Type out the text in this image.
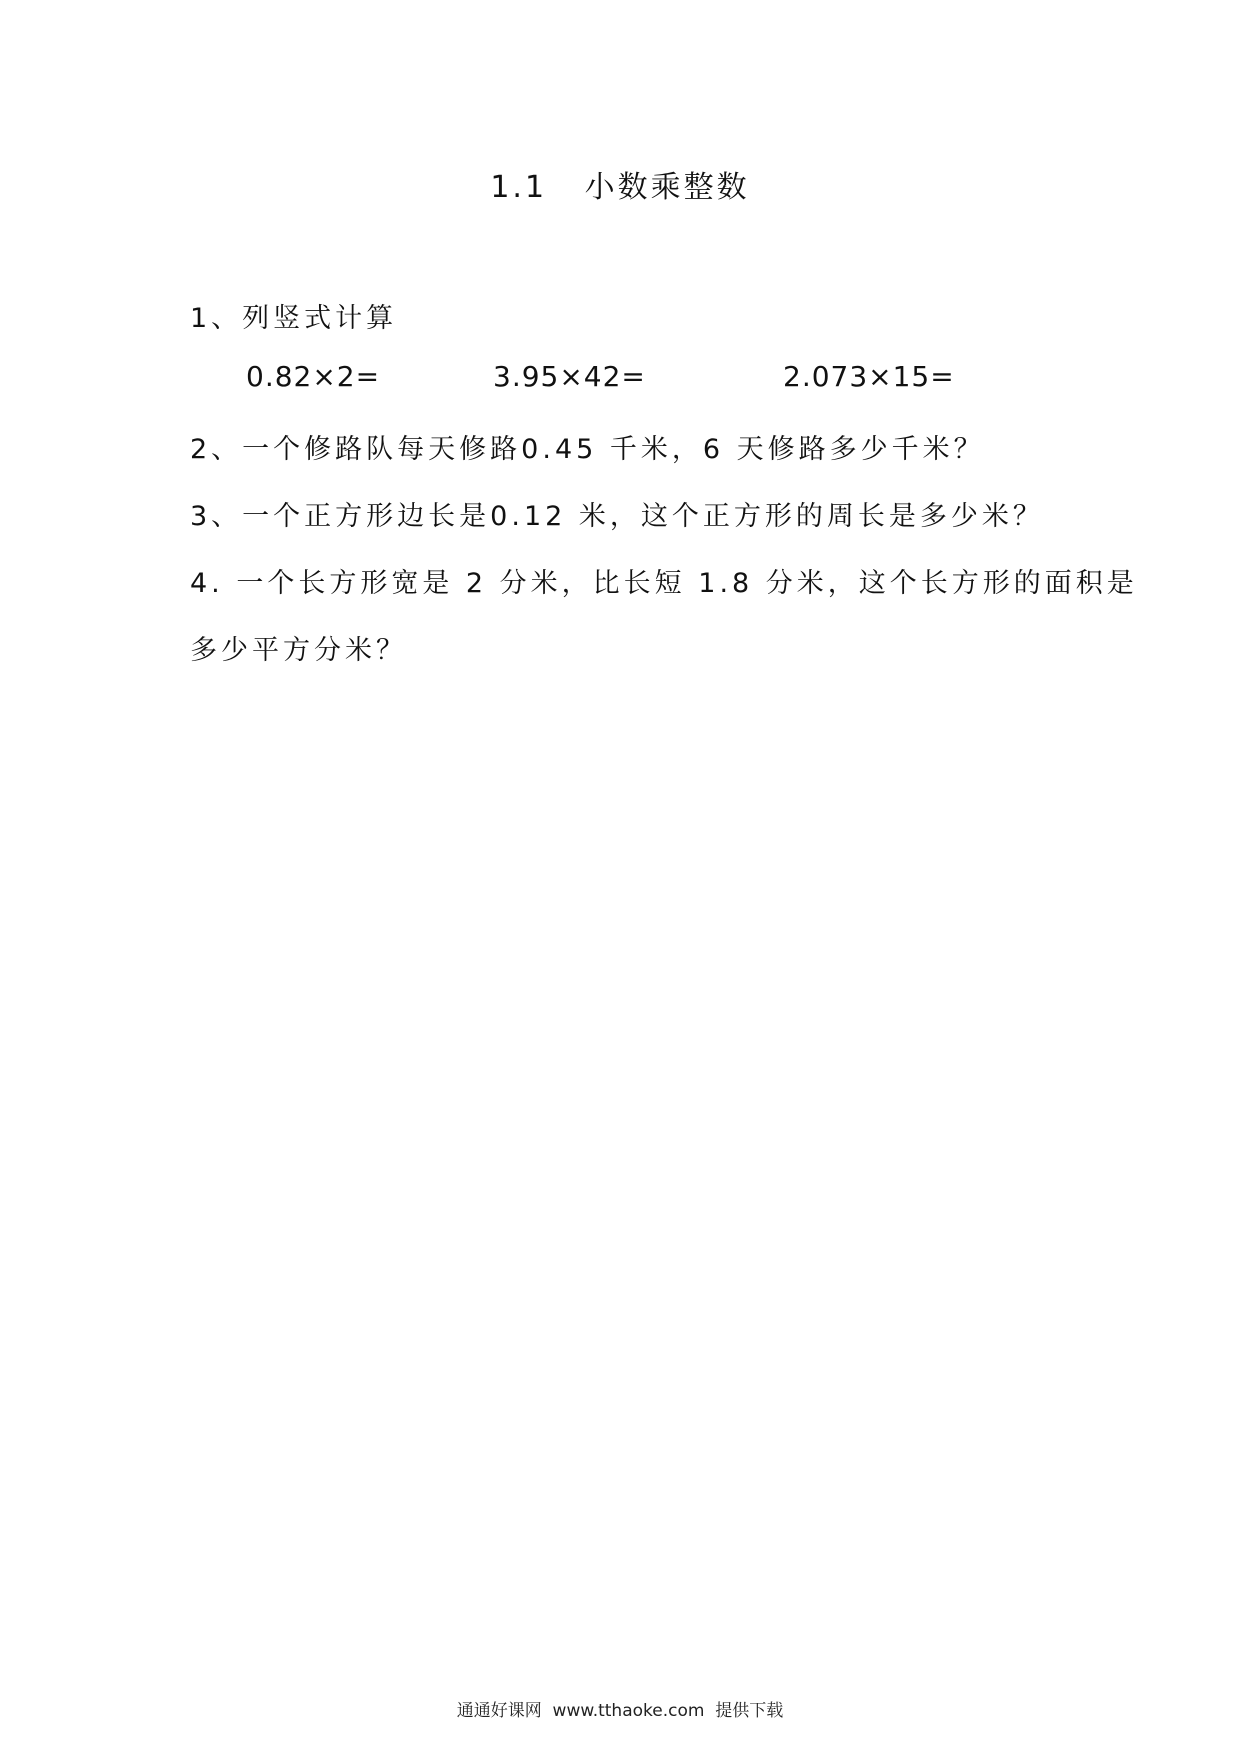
1.1   小数乘整数
1、列竖式计算
0.82×2=	3.95×42=	2.073×15=
2、一个修路队每天修路0.45 千米，6 天修路多少千米？
3、一个正方形边长是0.12 米，这个正方形的周长是多少米？
4. 一个长方形宽是 2 分米，比长短 1.8 分米，这个长方形的面积是
多少平方分米？
通通好课网  www.tthaoke.com  提供下载
